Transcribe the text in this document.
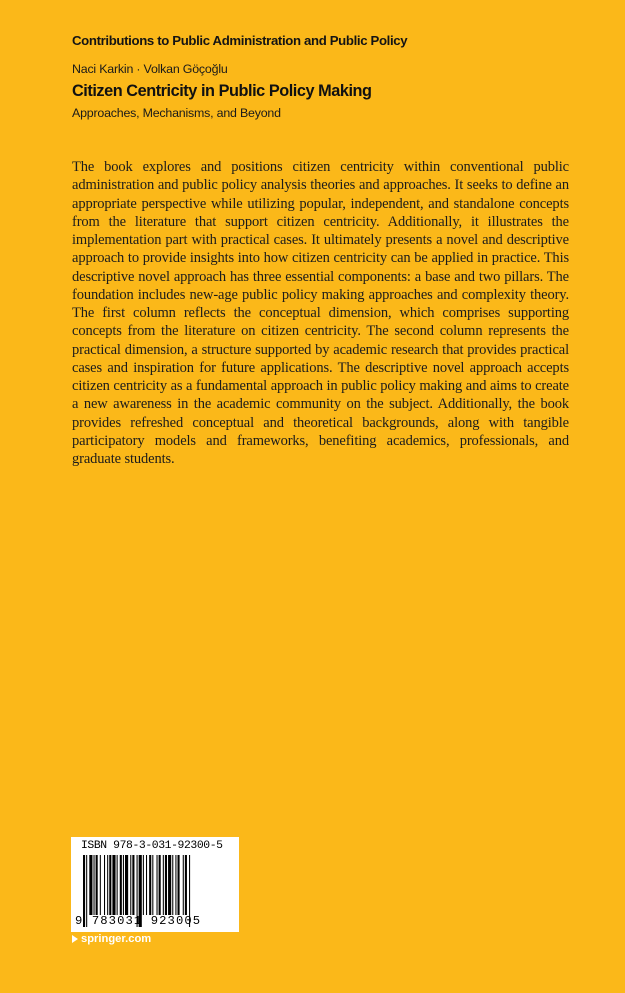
Contributions to Public Administration and Public Policy
Naci Karkin · Volkan Göçoğlu
Citizen Centricity in Public Policy Making
Approaches, Mechanisms, and Beyond

The book explores and positions citizen centricity within conventional public administration and public policy analysis theories and approaches. It seeks to define an appropriate perspective while utilizing popular, independent, and standalone concepts from the literature that support citizen centricity. Additionally, it illustrates the implementation part with practical cases. It ultimately presents a novel and descriptive approach to provide insights into how citizen centricity can be applied in practice. This descriptive novel approach has three essential components: a base and two pillars. The foundation includes new-age public policy making approaches and complexity theory. The first column reflects the conceptual dimension, which comprises supporting concepts from the literature on citizen centricity. The second column represents the practical dimension, a structure supported by academic research that provides practical cases and inspiration for future applications. The descriptive novel approach accepts citizen centricity as a fundamental approach in public policy making and aims to create a new awareness in the academic community on the subject. Additionally, the book provides refreshed conceptual and theoretical backgrounds, along with tangible participatory models and frameworks, benefiting academics, professionals, and graduate students.

ISBN 978-3-031-92300-5
9 783031 923005
springer.com
